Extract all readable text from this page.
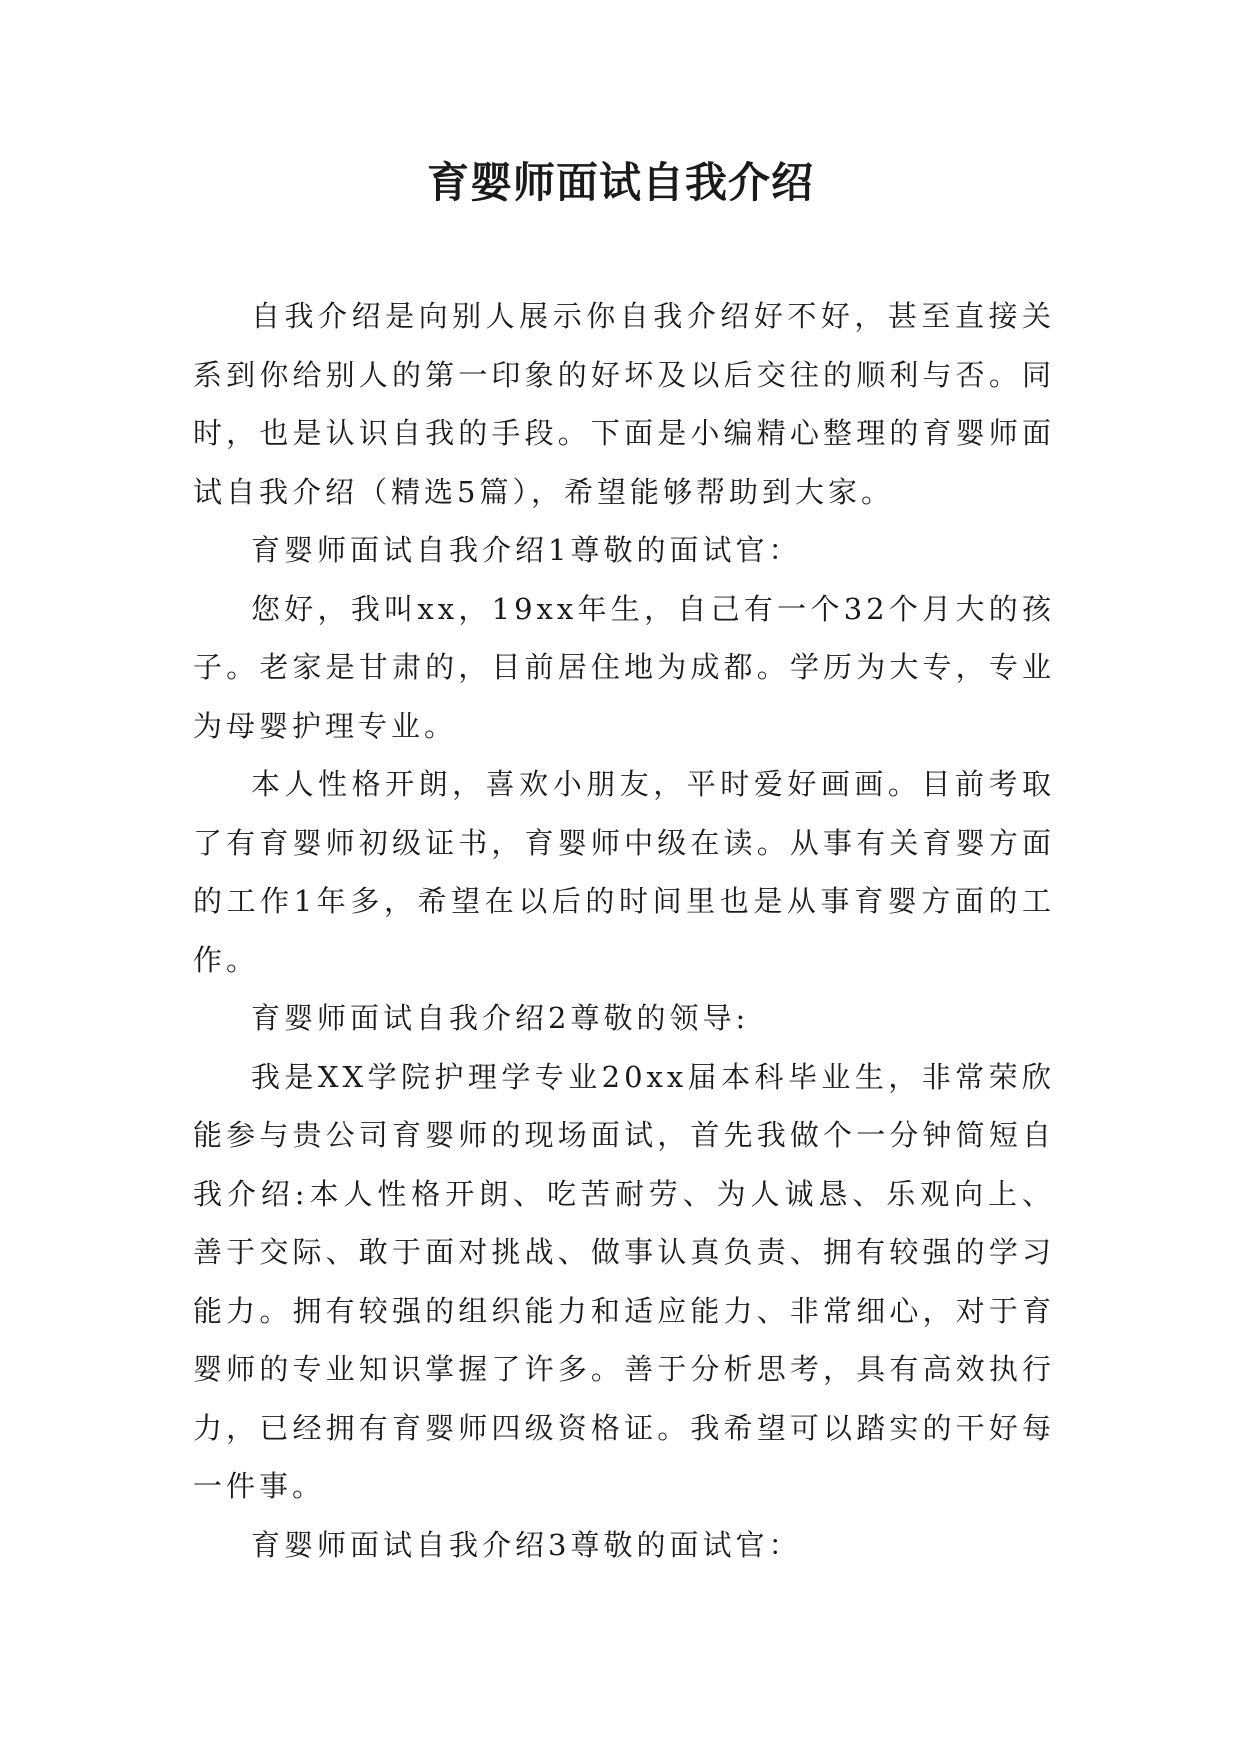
育婴师面试自我介绍

自我介绍是向别人展示你自我介绍好不好，甚至直接关系到你给别人的第一印象的好坏及以后交往的顺利与否。同时，也是认识自我的手段。下面是小编精心整理的育婴师面试自我介绍（精选5篇），希望能够帮助到大家。

育婴师面试自我介绍1尊敬的面试官：

您好，我叫xx，19xx年生，自己有一个32个月大的孩子。老家是甘肃的，目前居住地为成都。学历为大专，专业为母婴护理专业。

本人性格开朗，喜欢小朋友，平时爱好画画。目前考取了有育婴师初级证书，育婴师中级在读。从事有关育婴方面的工作1年多，希望在以后的时间里也是从事育婴方面的工作。

育婴师面试自我介绍2尊敬的领导:

我是XX学院护理学专业20xx届本科毕业生，非常荣欣能参与贵公司育婴师的现场面试，首先我做个一分钟简短自我介绍:本人性格开朗、吃苦耐劳、为人诚恳、乐观向上、善于交际、敢于面对挑战、做事认真负责、拥有较强的学习能力。拥有较强的组织能力和适应能力、非常细心，对于育婴师的专业知识掌握了许多。善于分析思考，具有高效执行力，已经拥有育婴师四级资格证。我希望可以踏实的干好每一件事。

育婴师面试自我介绍3尊敬的面试官：
